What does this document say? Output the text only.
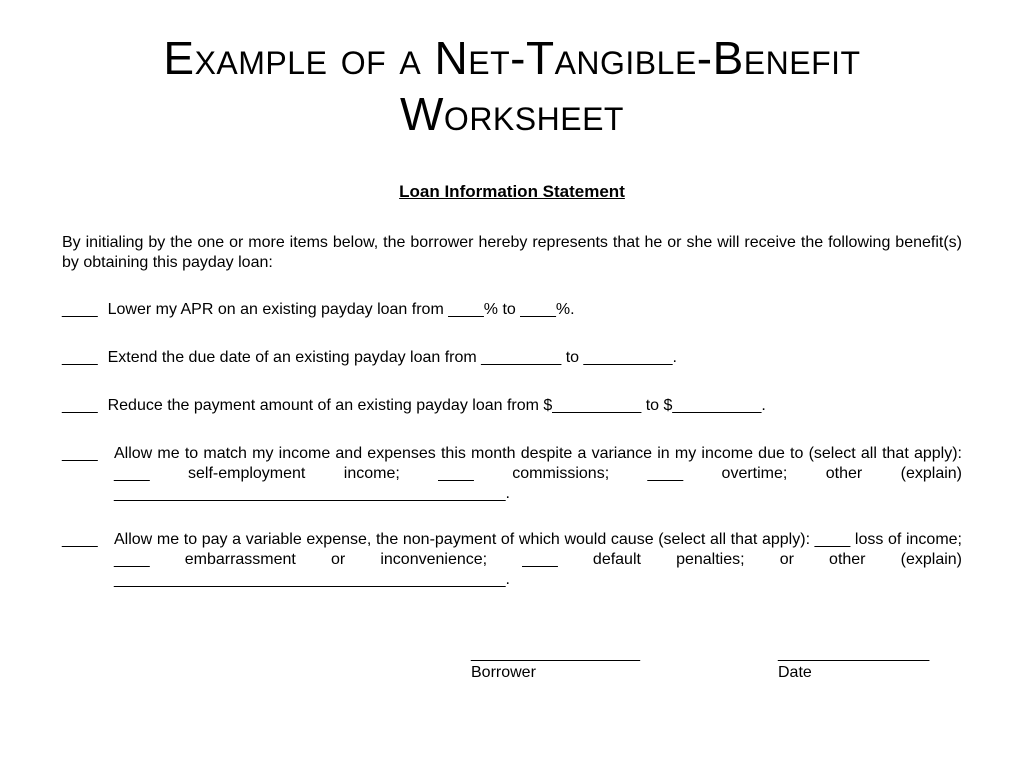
Example of a Net-Tangible-Benefit Worksheet
Loan Information Statement
By initialing by the one or more items below, the borrower hereby represents that he or she will receive the following benefit(s) by obtaining this payday loan:
____ Lower my APR on an existing payday loan from ____% to ____%.
____ Extend the due date of an existing payday loan from _________ to __________.
____ Reduce the payment amount of an existing payday loan from $__________ to $__________.
____	Allow me to match my income and expenses this month despite a variance in my income due to (select all that apply): ____ self-employment income; ____ commissions; ____ overtime; other (explain) ____________________________________________.
____	Allow me to pay a variable expense, the non-payment of which would cause (select all that apply): ____ loss of income; ____ embarrassment or inconvenience; ____ default penalties; or other (explain) ____________________________________________.
___________________
Borrower
_________________
Date
